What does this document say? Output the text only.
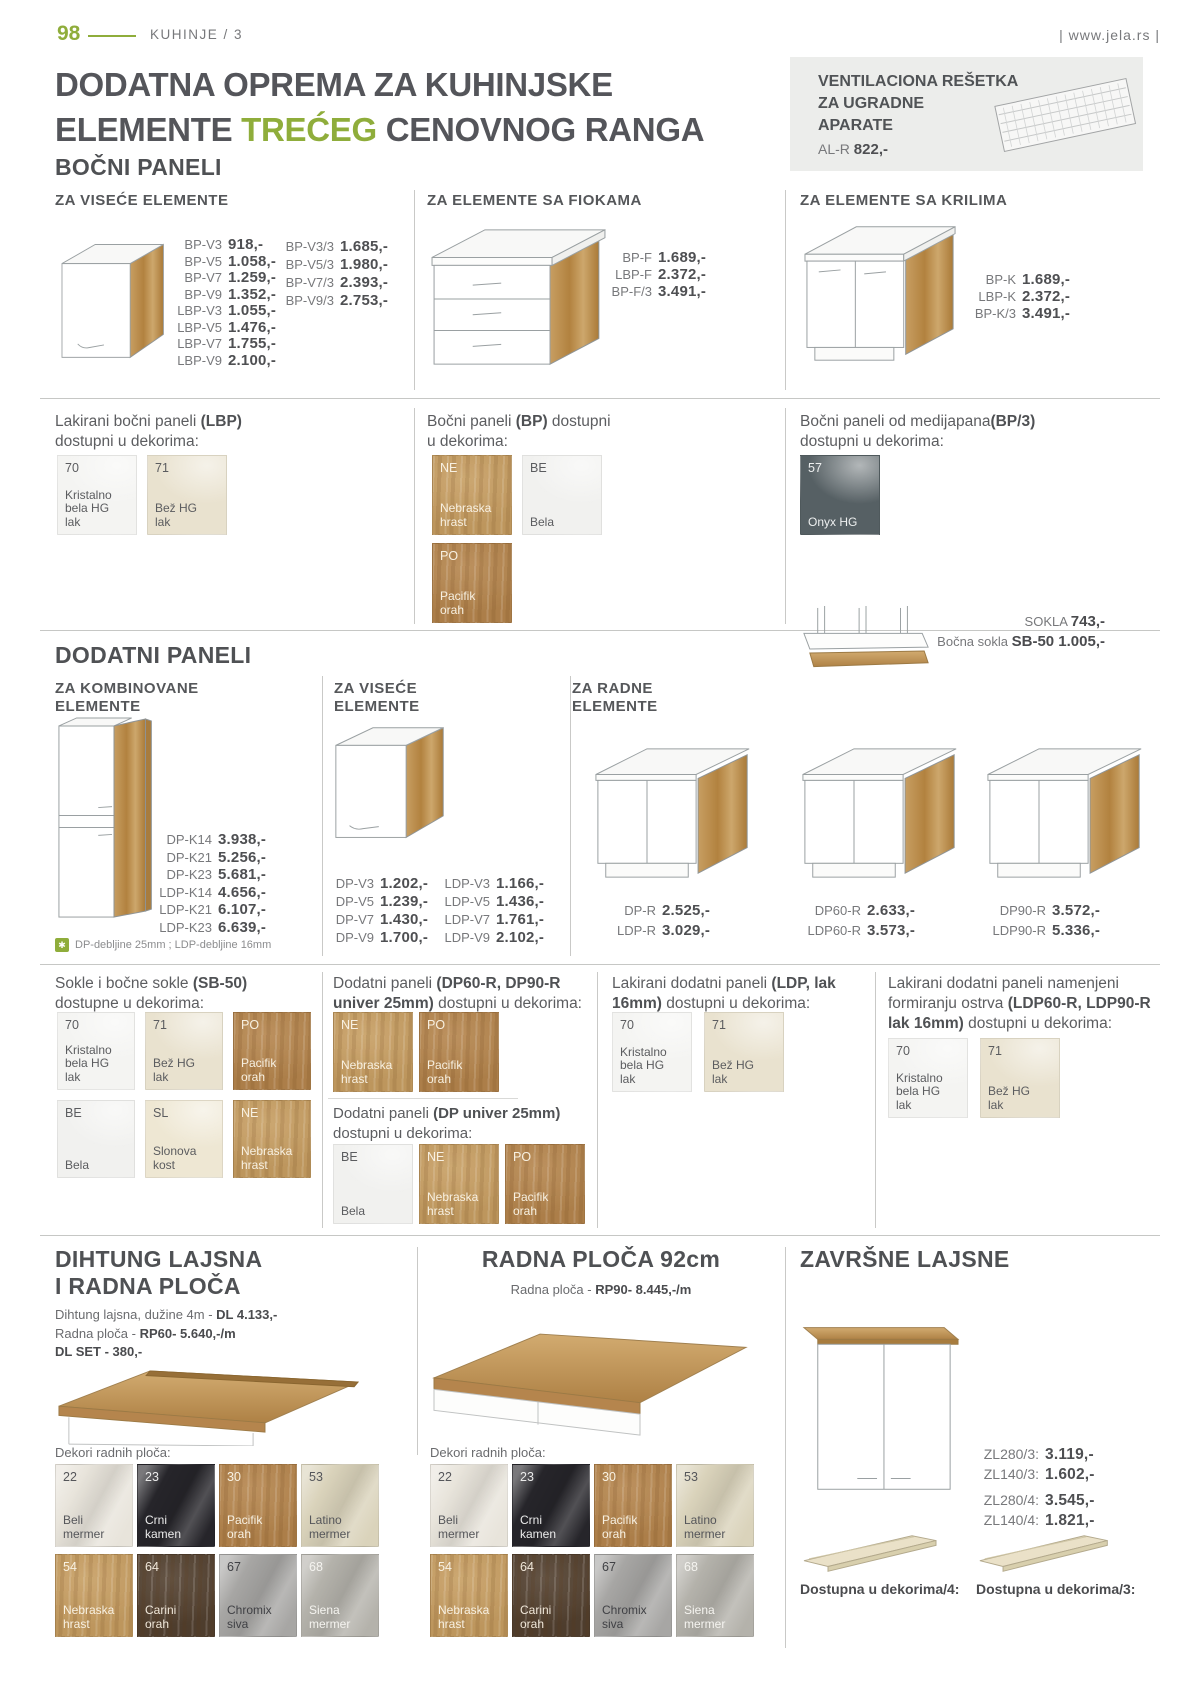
98	KUHINJE / 3	| www.jela.rs |
DODATNA OPREMA ZA KUHINJSKE
ELEMENTE TREĆEG CENOVNOG RANGA
VENTILACIONA REŠETKA
ZA UGRADNE
APARATE
AL-R 822,-
BOČNI PANELI
ZA VISEĆE ELEMENTE	ZA ELEMENTE SA FIOKAMA	ZA ELEMENTE SA KRILIMA
BP-V3 918,-
BP-V5 1.058,-
BP-V7 1.259,-
BP-V9 1.352,-
LBP-V3 1.055,-
LBP-V5 1.476,-
LBP-V7 1.755,-
LBP-V9 2.100,-
BP-V3/3 1.685,-
BP-V5/3 1.980,-
BP-V7/3 2.393,-
BP-V9/3 2.753,-
BP-F 1.689,-
LBP-F 2.372,-
BP-F/3 3.491,-
BP-K 1.689,-
LBP-K 2.372,-
BP-K/3 3.491,-
Lakirani bočni paneli (LBP) dostupni u dekorima:
70
Kristalno bela HG lak
71
Bež HG lak
Bočni paneli (BP) dostupni u dekorima:
NE
Nebraska hrast
BE
Bela
PO
Pacifik orah
Bočni paneli od medijapana(BP/3) dostupni u dekorima:
57
Onyx HG
DODATNI PANELI
ZA KOMBINOVANE
ELEMENTE
ZA VISEĆE
ELEMENTE
ZA RADNE
ELEMENTE
DP-K14 3.938,-
DP-K21 5.256,-
DP-K23 5.681,-
LDP-K14 4.656,-
LDP-K21 6.107,-
LDP-K23 6.639,-
✱ DP-debljine 25mm ; LDP-debljine 16mm
DP-V3 1.202,-
DP-V5 1.239,-
DP-V7 1.430,-
DP-V9 1.700,-
LDP-V3 1.166,-
LDP-V5 1.436,-
LDP-V7 1.761,-
LDP-V9 2.102,-
SOKLA 743,-
Bočna sokla SB-50 1.005,-
DP-R 2.525,-
LDP-R 3.029,-
DP60-R 2.633,-
LDP60-R 3.573,-
DP90-R 3.572,-
LDP90-R 5.336,-
Sokle i bočne sokle (SB-50) dostupne u dekorima:
70
Kristalno bela HG lak
71
Bež HG lak
PO
Pacifik orah
BE
Bela
SL
Slonova kost
NE
Nebraska hrast
Dodatni paneli (DP60-R, DP90-R univer 25mm) dostupni u dekorima:
NE
Nebraska hrast
PO
Pacifik orah
Dodatni paneli (DP univer 25mm) dostupni u dekorima:
BE
Bela
NE
Nebraska hrast
PO
Pacifik orah
Lakirani dodatni paneli (LDP, lak 16mm) dostupni u dekorima:
70
Kristalno bela HG lak
71
Bež HG lak
Lakirani dodatni paneli namenjeni formiranju ostrva (LDP60-R, LDP90-R lak 16mm) dostupni u dekorima:
70
Kristalno bela HG lak
71
Bež HG lak
DIHTUNG LAJSNA
I RADNA PLOČA
Dihtung lajsna, dužine 4m - DL 4.133,-
Radna ploča - RP60- 5.640,-/m
DL SET - 380,-
Dekori radnih ploča:
22
Beli mermer
23
Crni kamen
30
Pacifik orah
53
Latino mermer
54
Nebraska hrast
64
Carini orah
67
Chromix siva
68
Siena mermer
RADNA PLOČA 92cm
Radna ploča - RP90- 8.445,-/m
Dekori radnih ploča:
22
Beli mermer
23
Crni kamen
30
Pacifik orah
53
Latino mermer
54
Nebraska hrast
64
Carini orah
67
Chromix siva
68
Siena mermer
ZAVRŠNE LAJSNE
ZL280/3: 3.119,-
ZL140/3: 1.602,-
ZL280/4: 3.545,-
ZL140/4: 1.821,-
Dostupna u dekorima/4:	Dostupna u dekorima/3:
